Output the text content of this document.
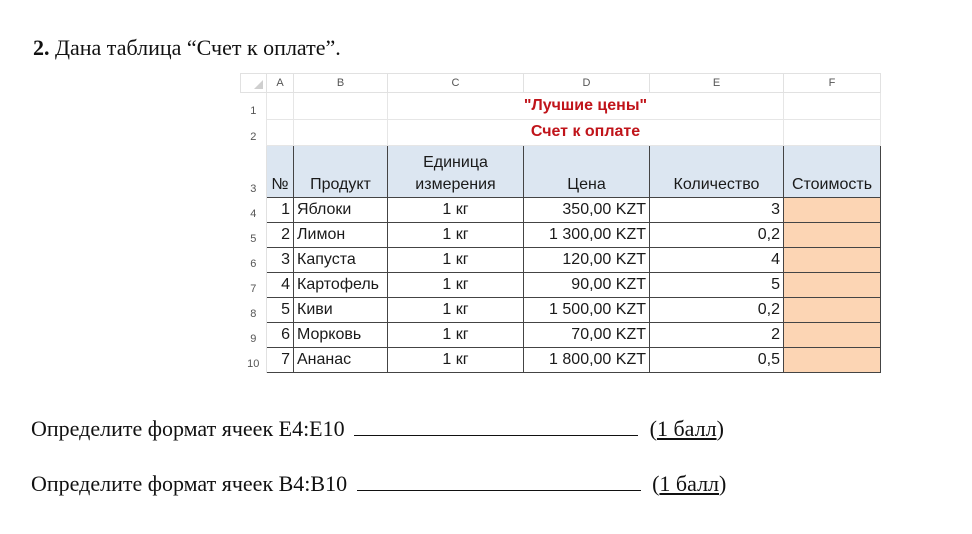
2. Дана таблица “Счет к оплате”.
	A	B	C	D	E	F
1			"Лучшие цены"			
2			Счет к оплате			
3	№	Продукт	Единица измерения	Цена	Количество	Стоимость
4	1	Яблоки	1 кг	350,00 KZT	3	
5	2	Лимон	1 кг	1 300,00 KZT	0,2	
6	3	Капуста	1 кг	120,00 KZT	4	
7	4	Картофель	1 кг	90,00 KZT	5	
8	5	Киви	1 кг	1 500,00 KZT	0,2	
9	6	Морковь	1 кг	70,00 KZT	2	
10	7	Ананас	1 кг	1 800,00 KZT	0,5	
Определите формат ячеек E4:E10	(1 балл)
Определите формат ячеек B4:B10	(1 балл)
